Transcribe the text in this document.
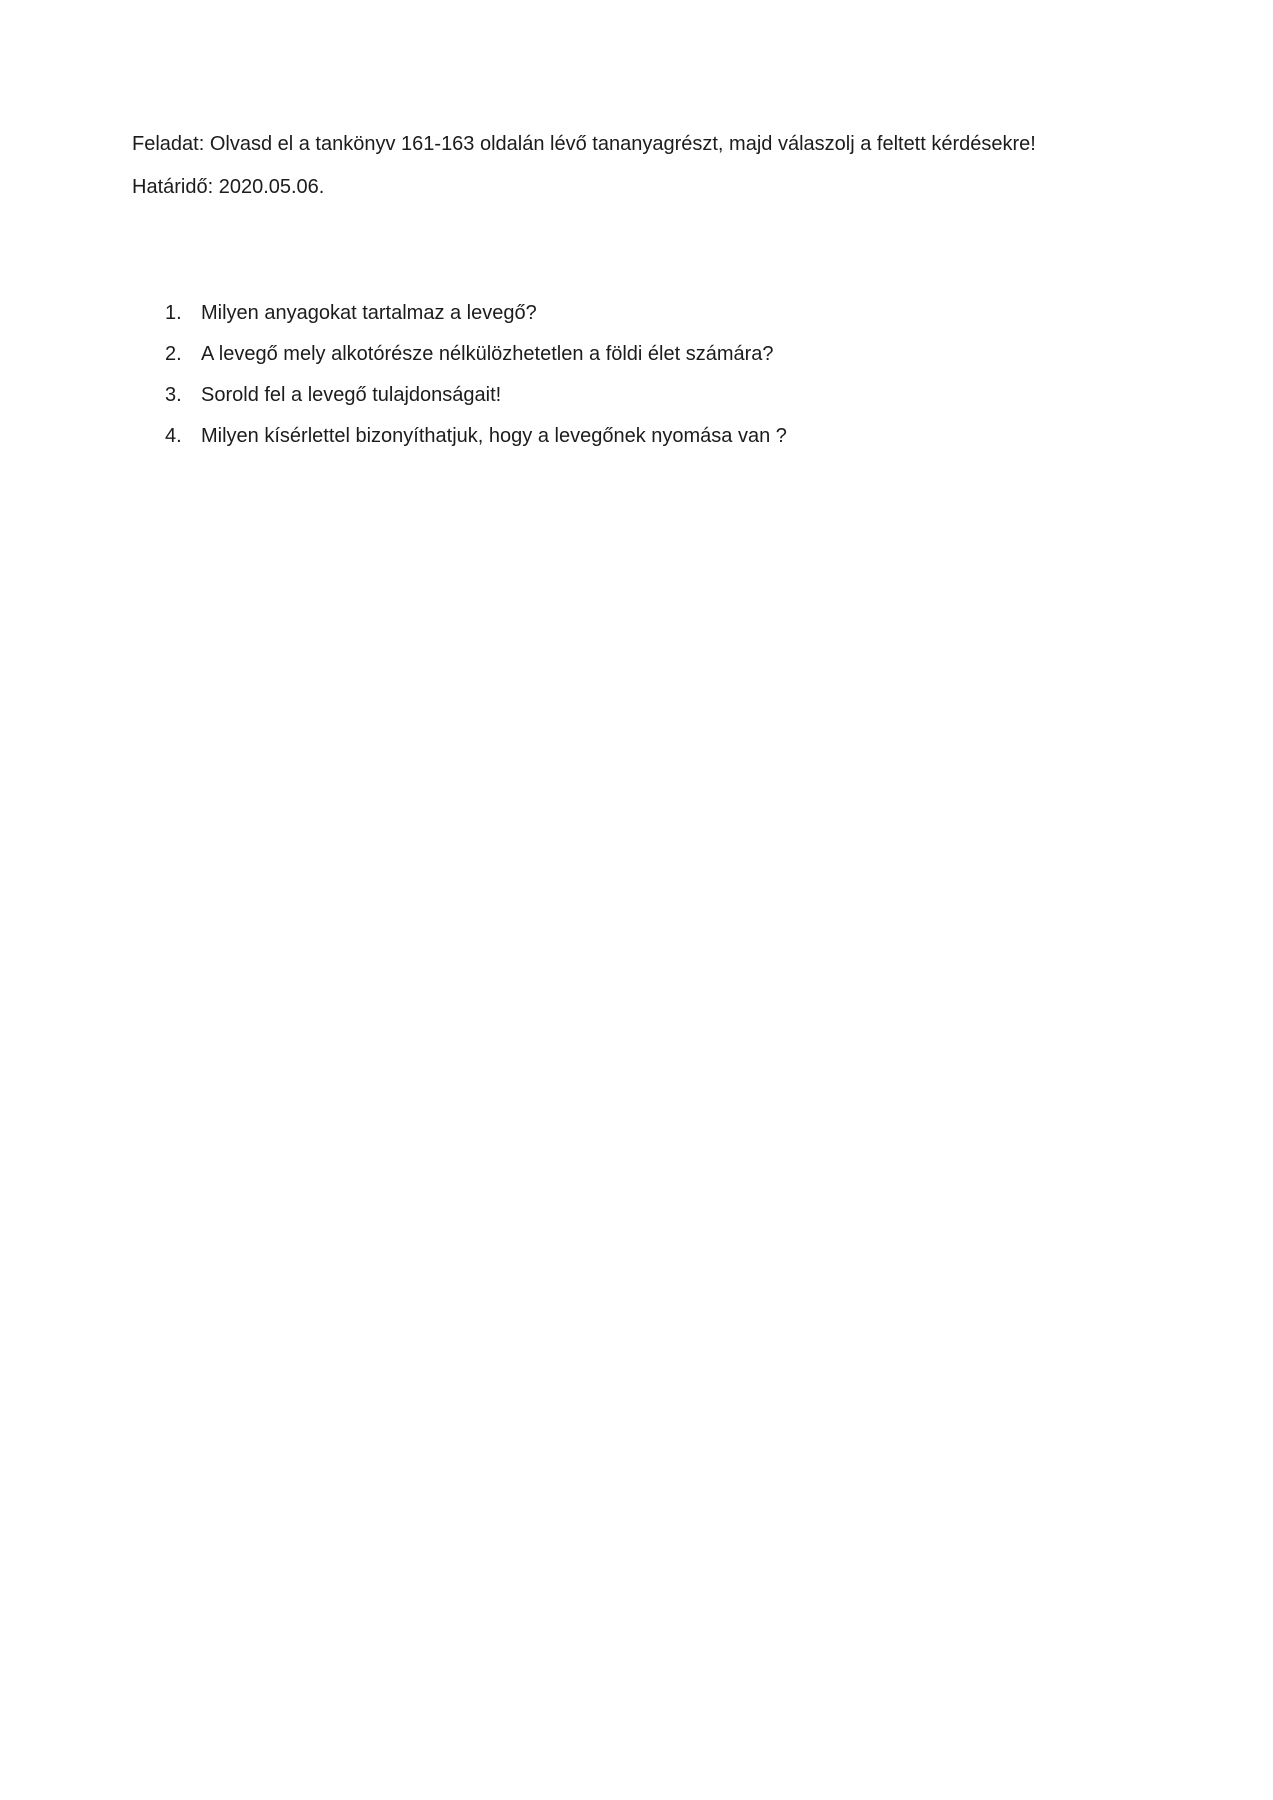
Feladat: Olvasd el a tankönyv 161-163 oldalán lévő tananyagrészt, majd válaszolj a feltett kérdésekre!
Határidő: 2020.05.06.
1. Milyen anyagokat tartalmaz a levegő?
2. A levegő mely alkotórésze nélkülözhetetlen a földi élet számára?
3. Sorold fel a levegő tulajdonságait!
4. Milyen kísérlettel bizonyíthatjuk, hogy a levegőnek nyomása van ?
